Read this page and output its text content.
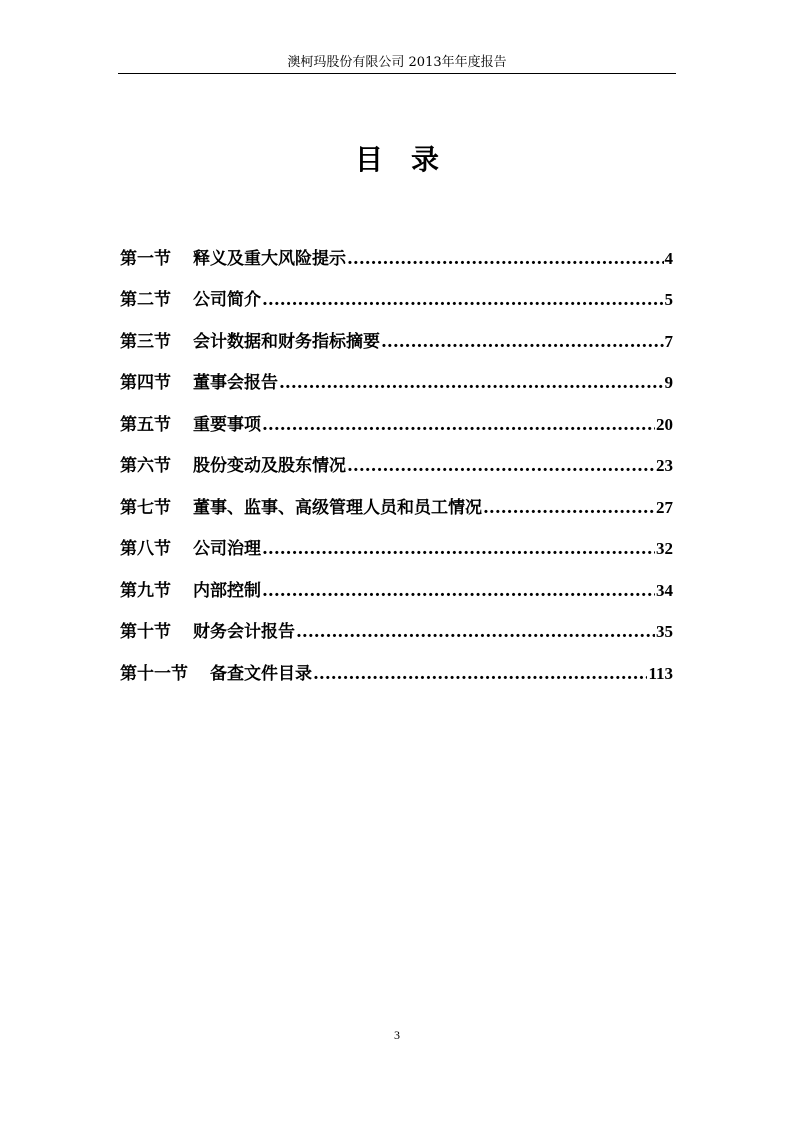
澳柯玛股份有限公司 2013年年度报告
目录
第一节 释义及重大风险提示 .....	4
第二节 公司简介 .....	5
第三节 会计数据和财务指标摘要 .....	7
第四节 董事会报告 .....	9
第五节 重要事项 .....	20
第六节 股份变动及股东情况 .....	23
第七节 董事、监事、高级管理人员和员工情况 .....	27
第八节 公司治理 .....	32
第九节 内部控制 .....	34
第十节 财务会计报告 .....	35
第十一节 备查文件目录 .....	113
3
